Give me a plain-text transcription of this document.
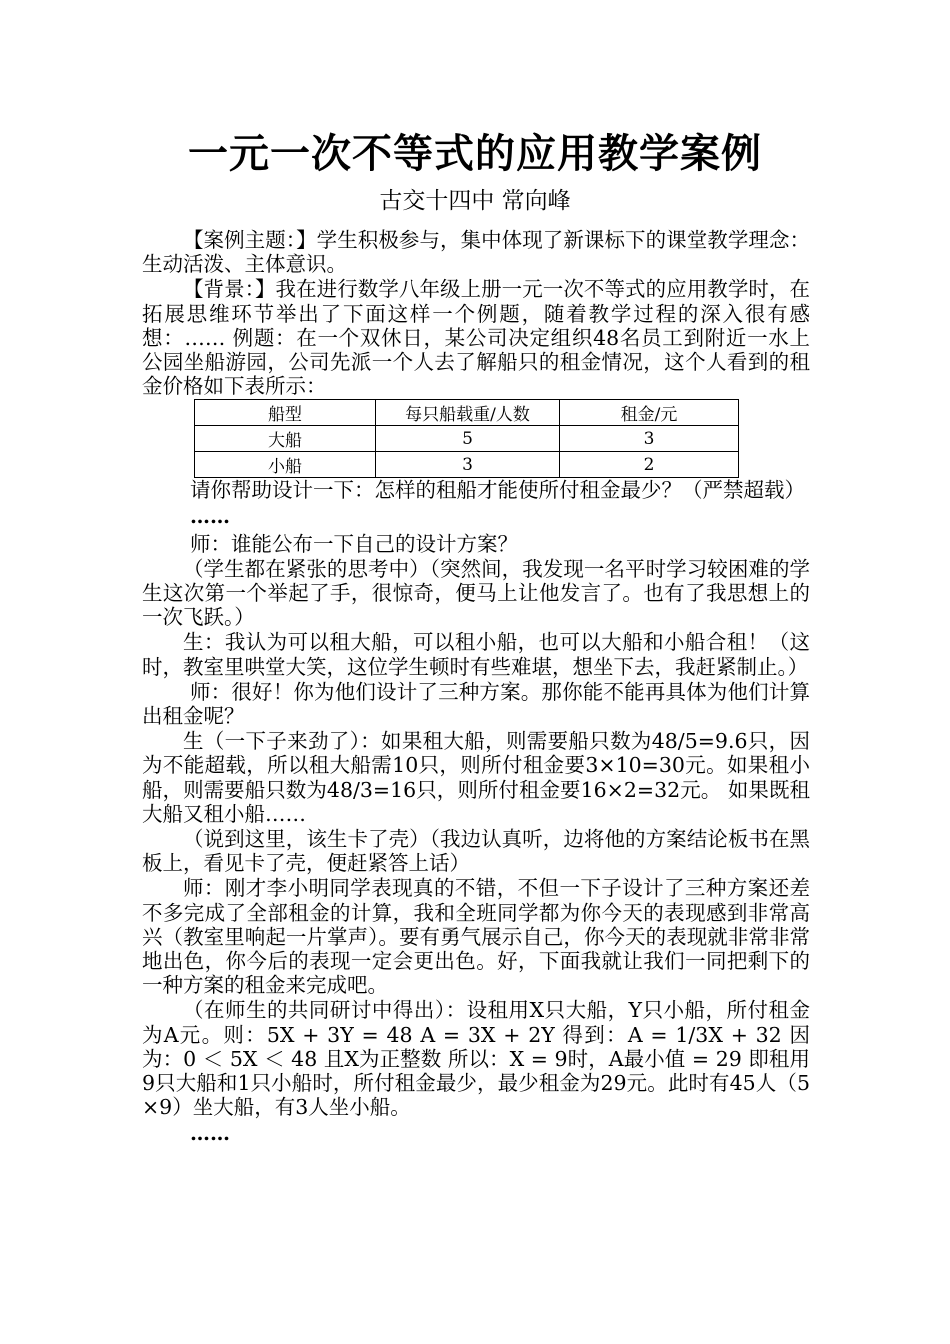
一元一次不等式的应用教学案例
古交十四中 常向峰

【案例主题：】学生积极参与，集中体现了新课标下的课堂教学理念：生动活泼、主体意识。

【背景：】我在进行数学八年级上册一元一次不等式的应用教学时，在拓展思维环节举出了下面这样一个例题，随着教学过程的深入很有感想：…… 例题：在一个双休日，某公司决定组织48名员工到附近一水上公园坐船游园，公司先派一个人去了解船只的租金情况，这个人看到的租金价格如下表所示：

船型	每只船载重/人数	租金/元
大船	5	3
小船	3	2

请你帮助设计一下：怎样的租船才能使所付租金最少？（严禁超载）

……

师：谁能公布一下自己的设计方案？

（学生都在紧张的思考中）（突然间，我发现一名平时学习较困难的学生这次第一个举起了手，很惊奇，便马上让他发言了。也有了我思想上的一次飞跃。）

生：我认为可以租大船，可以租小船，也可以大船和小船合租！（这时，教室里哄堂大笑，这位学生顿时有些难堪，想坐下去，我赶紧制止。）

师：很好！你为他们设计了三种方案。那你能不能再具体为他们计算出租金呢？

生（一下子来劲了）：如果租大船，则需要船只数为48/5=9.6只，因为不能超载，所以租大船需10只，则所付租金要3×10=30元。如果租小船，则需要船只数为48/3=16只，则所付租金要16×2=32元。 如果既租大船又租小船……

（说到这里，该生卡了壳）（我边认真听，边将他的方案结论板书在黑板上，看见卡了壳，便赶紧答上话）

师：刚才李小明同学表现真的不错，不但一下子设计了三种方案还差不多完成了全部租金的计算，我和全班同学都为你今天的表现感到非常高兴（教室里响起一片掌声）。要有勇气展示自己，你今天的表现就非常非常地出色，你今后的表现一定会更出色。好，下面我就让我们一同把剩下的一种方案的租金来完成吧。

（在师生的共同研讨中得出）：设租用X只大船，Y只小船，所付租金为A元。则：5X + 3Y = 48 A = 3X + 2Y 得到：A = 1/3X + 32 因为：0 ＜ 5X ＜ 48 且X为正整数 所以：X = 9时，A最小值 = 29 即租用9只大船和1只小船时，所付租金最少，最少租金为29元。此时有45人（5×9）坐大船，有3人坐小船。

……
